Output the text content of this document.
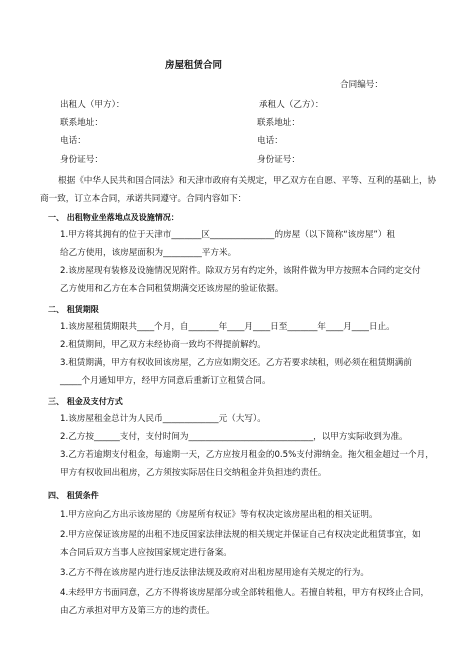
房屋租赁合同
合同编号：
出租人（甲方）：	承租人（乙方）：
联系地址：	联系地址：
电话：	电话：
身份证号：	身份证号：
根据《中华人民共和国合同法》和天津市政府有关规定，甲乙双方在自愿、平等、互利的基础上，协
商一致，订立本合同，承诺共同遵守。合同内容如下：
一、 出租物业坐落地点及设施情况：
1.甲方将其拥有的位于天津市_______区_______________的房屋（以下简称“该房屋”）租
给乙方使用，该房屋面积为_________平方米。
2.该房屋现有装修及设施情况见附件。除双方另有约定外，该附件做为甲方按照本合同约定交付
乙方使用和乙方在本合同租赁期满交还该房屋的验证依据。
二、 租赁期限
1.该房屋租赁期限共____个月，自_______年____月____日至_______年____月____日止。
2.租赁期间，甲乙双方未经协商一致均不得提前解约。
3.租赁期满，甲方有权收回该房屋，乙方应如期交还。乙方若要求续租，则必须在租赁期满前
_____个月通知甲方，经甲方同意后重新订立租赁合同。
三、 租金及支付方式
1.该房屋租金总计为人民币_____________元（大写）。
2.乙方按______支付，支付时间为_____________________________，以甲方实际收到为准。
3.乙方若逾期支付租金，每逾期一天，乙方应按月租金的0.5%支付滞纳金。拖欠租金超过一个月，
甲方有权收回出租房，乙方须按实际居住日交纳租金并负担违约责任。
四、 租赁条件
1.甲方应向乙方出示该房屋的《房屋所有权证》等有权决定该房屋出租的相关证明。
2.甲方应保证该房屋的出租不违反国家法律法规的相关规定并保证自己有权决定此租赁事宜，如
本合同后双方当事人应按国家规定进行备案。
3.乙方不得在该房屋内进行违反法律法规及政府对出租房屋用途有关规定的行为。
4.未经甲方书面同意，乙方不得将该房屋部分或全部转租他人。若擅自转租，甲方有权终止合同，
由乙方承担对甲方及第三方的违约责任。
